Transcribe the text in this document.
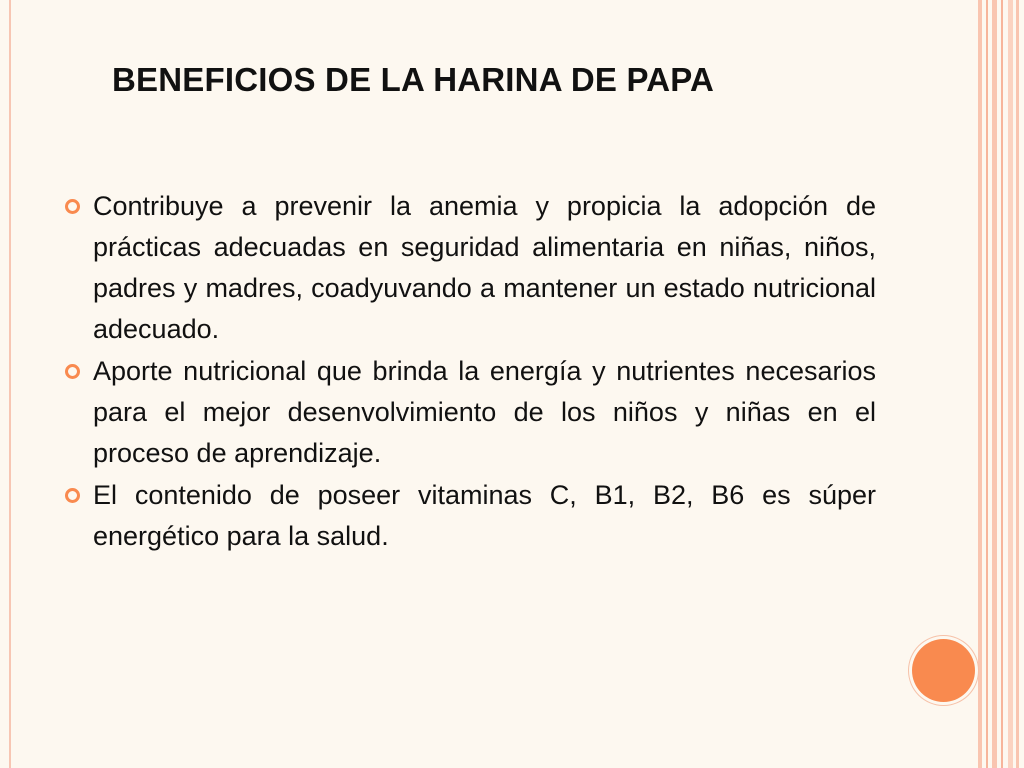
BENEFICIOS DE LA HARINA DE PAPA
Contribuye a prevenir la anemia y propicia la adopción de prácticas adecuadas en seguridad alimentaria en niñas, niños, padres y madres, coadyuvando a mantener un estado nutricional adecuado.
Aporte nutricional que brinda la energía y nutrientes necesarios para el mejor desenvolvimiento de los niños y niñas en el proceso de aprendizaje.
El contenido de poseer vitaminas C, B1, B2, B6 es súper energético para la salud.
